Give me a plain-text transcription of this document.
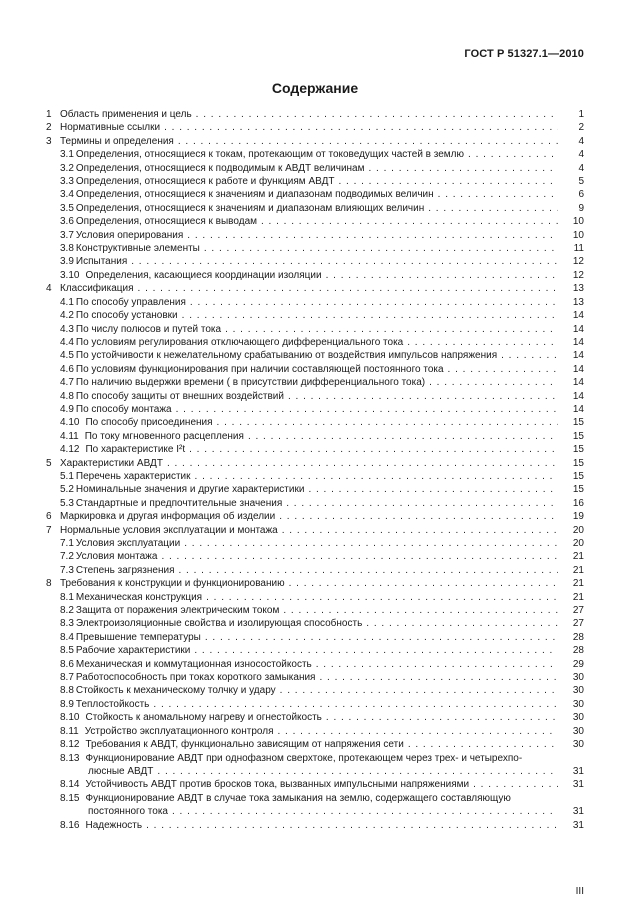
ГОСТ Р 51327.1—2010
Содержание
1 Область применения и цель . . .	1
2 Нормативные ссылки . . .	2
3 Термины и определения . . .	4
3.1 Определения, относящиеся к токам, протекающим от токоведущих частей в землю . . .	4
3.2 Определения, относящиеся к подводимым к АВДТ величинам . . .	4
3.3 Определения, относящиеся к работе и функциям АВДТ . . .	5
3.4 Определения, относящиеся к значениям и диапазонам подводимых величин . . .	6
3.5 Определения, относящиеся к значениям и диапазонам влияющих величин . . .	9
3.6 Определения, относящиеся к выводам . . .	10
3.7 Условия оперирования . . .	10
3.8 Конструктивные элементы . . .	11
3.9 Испытания . . .	12
3.10 Определения, касающиеся координации изоляции . . .	12
4 Классификация . . .	13
4.1 По способу управления . . .	13
4.2 По способу установки . . .	14
4.3 По числу полюсов и путей тока . . .	14
4.4 По условиям регулирования отключающего дифференциального тока . . .	14
4.5 По устойчивости к нежелательному срабатыванию от воздействия импульсов напряжения . . .	14
4.6 По условиям функционирования при наличии составляющей постоянного тока . . .	14
4.7 По наличию выдержки времени ( в присутствии дифференциального тока) . . .	14
4.8 По способу защиты от внешних воздействий . . .	14
4.9 По способу монтажа . . .	14
4.10 По способу присоединения . . .	15
4.11 По току мгновенного расцепления . . .	15
4.12 По характеристике I²t . . .	15
5 Характеристики АВДТ . . .	15
5.1 Перечень характеристик . . .	15
5.2 Номинальные значения и другие характеристики . . .	15
5.3 Стандартные и предпочтительные значения . . .	16
6 Маркировка и другая информация об изделии . . .	19
7 Нормальные условия эксплуатации и монтажа . . .	20
7.1 Условия эксплуатации . . .	20
7.2 Условия монтажа . . .	21
7.3 Степень загрязнения . . .	21
8 Требования к конструкции и функционированию . . .	21
8.1 Механическая конструкция . . .	21
8.2 Защита от поражения электрическим током . . .	27
8.3 Электроизоляционные свойства и изолирующая способность . . .	27
8.4 Превышение температуры . . .	28
8.5 Рабочие характеристики . . .	28
8.6 Механическая и коммутационная износостойкость . . .	29
8.7 Работоспособность при токах короткого замыкания . . .	30
8.8 Стойкость к механическому толчку и удару . . .	30
8.9 Теплостойкость . . .	30
8.10 Стойкость к аномальному нагреву и огнестойкость . . .	30
8.11 Устройство эксплуатационного контроля . . .	30
8.12 Требования к АВДТ, функционально зависящим от напряжения сети . . .	30
8.13 Функционирование АВДТ при однофазном сверхтоке, протекающем через трех- и четырехпо-
люсные АВДТ . . .	31
8.14 Устойчивость АВДТ против бросков тока, вызванных импульсными напряжениями . . .	31
8.15 Функционирование АВДТ в случае тока замыкания на землю, содержащего составляющую
постоянного тока . . .	31
8.16 Надежность . . .	31
III
